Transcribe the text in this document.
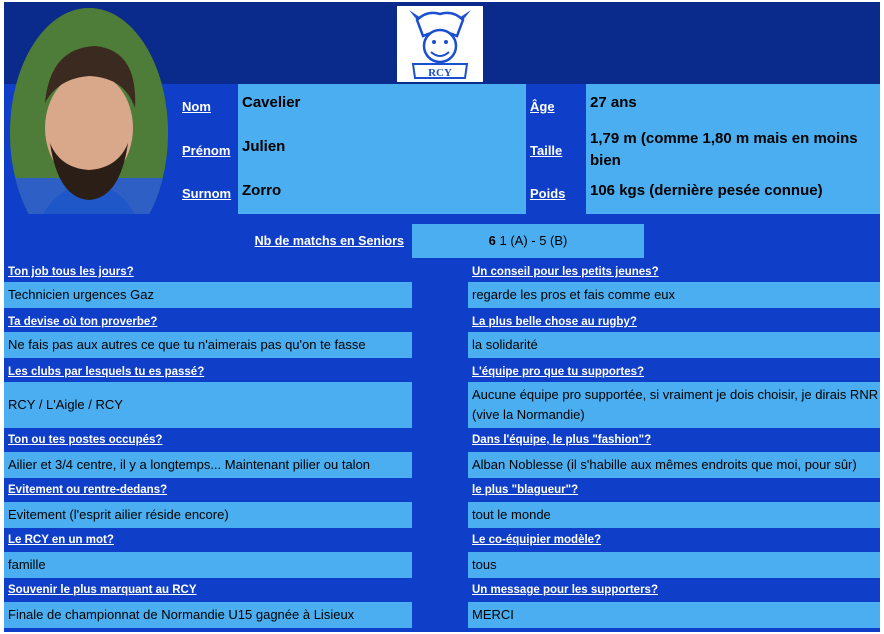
RCY
Nom	Cavelier
Prénom Julien
Surnom Zorro
Âge	27 ans
Taille
1,79 m (comme 1,80 m mais en moins bien
Poids	106 kgs (dernière pesée connue)
Nb de matchs en Seniors	6 1 (A) - 5 (B)
Ton job tous les jours?
Technicien urgences Gaz
Ta devise où ton proverbe?
Ne fais pas aux autres ce que tu n'aimerais pas qu'on te fasse
Les clubs par lesquels tu es passé?
RCY / L'Aigle / RCY
Ton ou tes postes occupés?
Ailier et 3/4 centre, il y a longtemps... Maintenant pilier ou talon
Evitement ou rentre-dedans?
Evitement (l'esprit ailier réside encore)
Le RCY en un mot?
famille
Souvenir le plus marquant au RCY
Finale de championnat de Normandie U15 gagnée à Lisieux
Un conseil pour les petits jeunes?
regarde les pros et fais comme eux
La plus belle chose au rugby?
la solidarité
L'équipe pro que tu supportes?
Aucune équipe pro supportée, si vraiment je dois choisir, je dirais RNR (vive la Normandie)
Dans l'équipe, le plus "fashion"?
Alban Noblesse (il s'habille aux mêmes endroits que moi, pour sûr)
le plus "blagueur"?
tout le monde
Le co-équipier modèle?
tous
Un message pour les supporters?
MERCI
